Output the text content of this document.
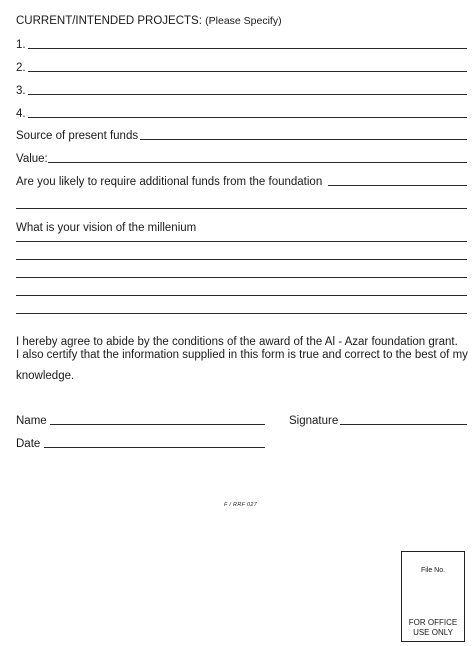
CURRENT/INTENDED PROJECTS: (Please Specify)
1.
2.
3.
4.
Source of present funds
Value:
Are you likely to require additional funds from the foundation
What is your vision of the millenium
I hereby agree to abide by the conditions of the award of the Al - Azar foundation grant.
I also certify that the information supplied in this form is true and correct to the best of my
knowledge.
Name	Signature
Date
F / RRF 027
File No.
FOR OFFICE
USE ONLY
